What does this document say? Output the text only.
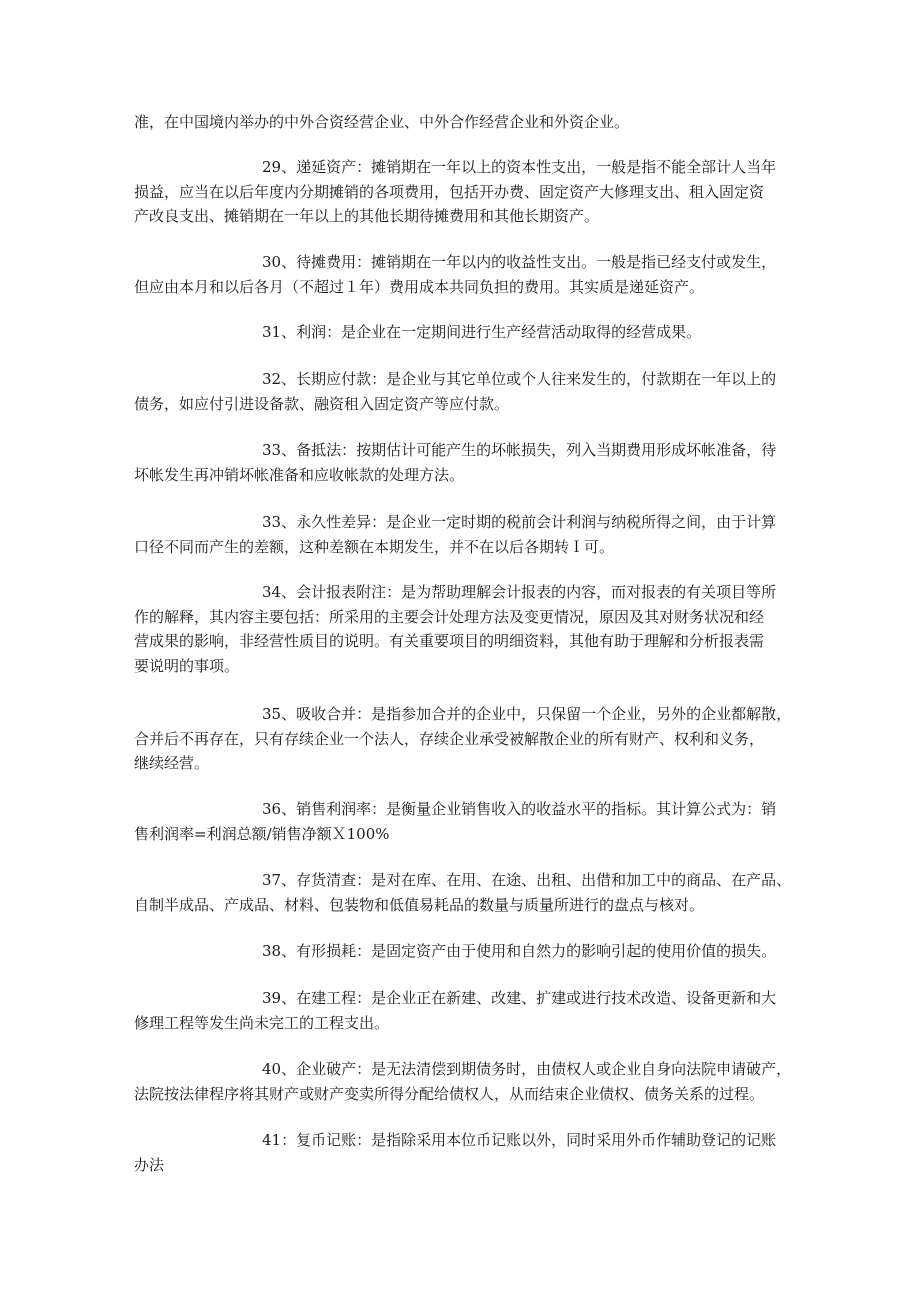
准，在中国境内举办的中外合资经营企业、中外合作经营企业和外资企业。
29、递延资产：摊销期在一年以上的资本性支出，一般是指不能全部计人当年
损益，应当在以后年度内分期摊销的各项费用，包括开办费、固定资产大修理支出、租入固定资
产改良支出、摊销期在一年以上的其他长期待摊费用和其他长期资产。
30、待摊费用：摊销期在一年以内的收益性支出。一般是指已经支付或发生，
但应由本月和以后各月（不超过１年）费用成本共同负担的费用。其实质是递延资产。
31、利润：是企业在一定期间进行生产经营活动取得的经营成果。
32、长期应付款：是企业与其它单位或个人往来发生的，付款期在一年以上的
债务，如应付引进设备款、融资租入固定资产等应付款。
33、备抵法：按期估计可能产生的坏帐损失，列入当期费用形成坏帐准备，待
坏帐发生再冲销坏帐准备和应收帐款的处理方法。
33、永久性差异：是企业一定时期的税前会计利润与纳税所得之间，由于计算
口径不同而产生的差额，这种差额在本期发生，并不在以后各期转Ｉ可。
34、会计报表附注：是为帮助理解会计报表的内容，而对报表的有关项目等所
作的解释，其内容主要包括：所采用的主要会计处理方法及变更情况，原因及其对财务状况和经
营成果的影响，非经营性质目的说明。有关重要项目的明细资料，其他有助于理解和分析报表需
要说明的事项。
35、吸收合并：是指参加合并的企业中，只保留一个企业，另外的企业都解散，
合并后不再存在，只有存续企业一个法人，存续企业承受被解散企业的所有财产、权利和义务，
继续经营。
36、销售利润率：是衡量企业销售收入的收益水平的指标。其计算公式为：销
售利润率=利润总额/销售净额Ｘ100%
37、存货清查：是对在库、在用、在途、出租、出借和加工中的商品、在产品、
自制半成品、产成品、材料、包装物和低值易耗品的数量与质量所进行的盘点与核对。
38、有形损耗：是固定资产由于使用和自然力的影响引起的使用价值的损失。
39、在建工程：是企业正在新建、改建、扩建或进行技术改造、设备更新和大
修理工程等发生尚未完工的工程支出。
40、企业破产：是无法清偿到期债务时，由债权人或企业自身向法院申请破产，
法院按法律程序将其财产或财产变卖所得分配给债权人，从而结束企业债权、债务关系的过程。
41：复币记账：是指除采用本位币记账以外，同时采用外币作辅助登记的记账
办法
